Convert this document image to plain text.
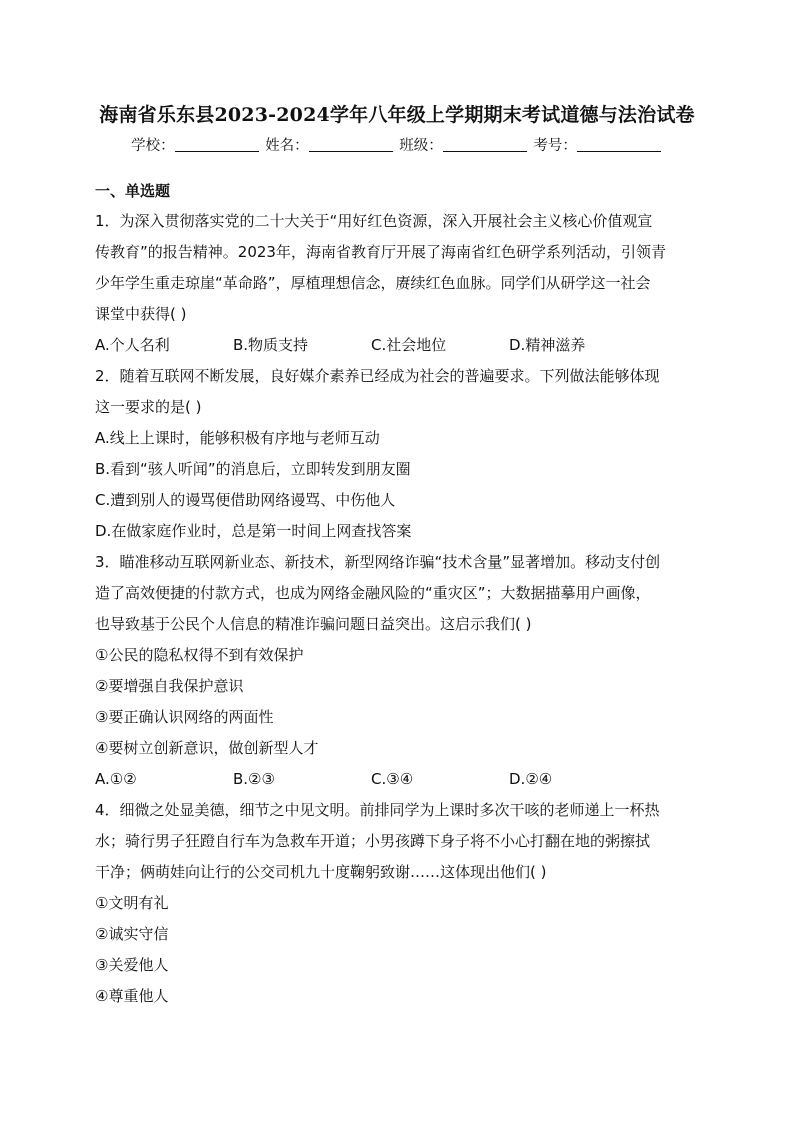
海南省乐东县2023-2024学年八年级上学期期末考试道德与法治试卷
学校：	姓名：	班级：	考号：
一、单选题
1．为深入贯彻落实党的二十大关于“用好红色资源，深入开展社会主义核心价值观宣
传教育”的报告精神。2023年，海南省教育厅开展了海南省红色研学系列活动，引领青
少年学生重走琼崖“革命路”，厚植理想信念，赓续红色血脉。同学们从研学这一社会
课堂中获得( )
A.个人名利	B.物质支持	C.社会地位	D.精神滋养
2．随着互联网不断发展，良好媒介素养已经成为社会的普遍要求。下列做法能够体现
这一要求的是( )
A.线上上课时，能够积极有序地与老师互动
B.看到“骇人听闻”的消息后，立即转发到朋友圈
C.遭到别人的谩骂便借助网络谩骂、中伤他人
D.在做家庭作业时，总是第一时间上网查找答案
3．瞄准移动互联网新业态、新技术，新型网络诈骗“技术含量”显著增加。移动支付创
造了高效便捷的付款方式，也成为网络金融风险的“重灾区”；大数据描摹用户画像，
也导致基于公民个人信息的精准诈骗问题日益突出。这启示我们( )
①公民的隐私权得不到有效保护
②要增强自我保护意识
③要正确认识网络的两面性
④要树立创新意识，做创新型人才
A.①②	B.②③	C.③④	D.②④
4．细微之处显美德，细节之中见文明。前排同学为上课时多次干咳的老师递上一杯热
水；骑行男子狂蹬自行车为急救车开道；小男孩蹲下身子将不小心打翻在地的粥擦拭
干净；俩萌娃向让行的公交司机九十度鞠躬致谢……这体现出他们( )
①文明有礼
②诚实守信
③关爱他人
④尊重他人
